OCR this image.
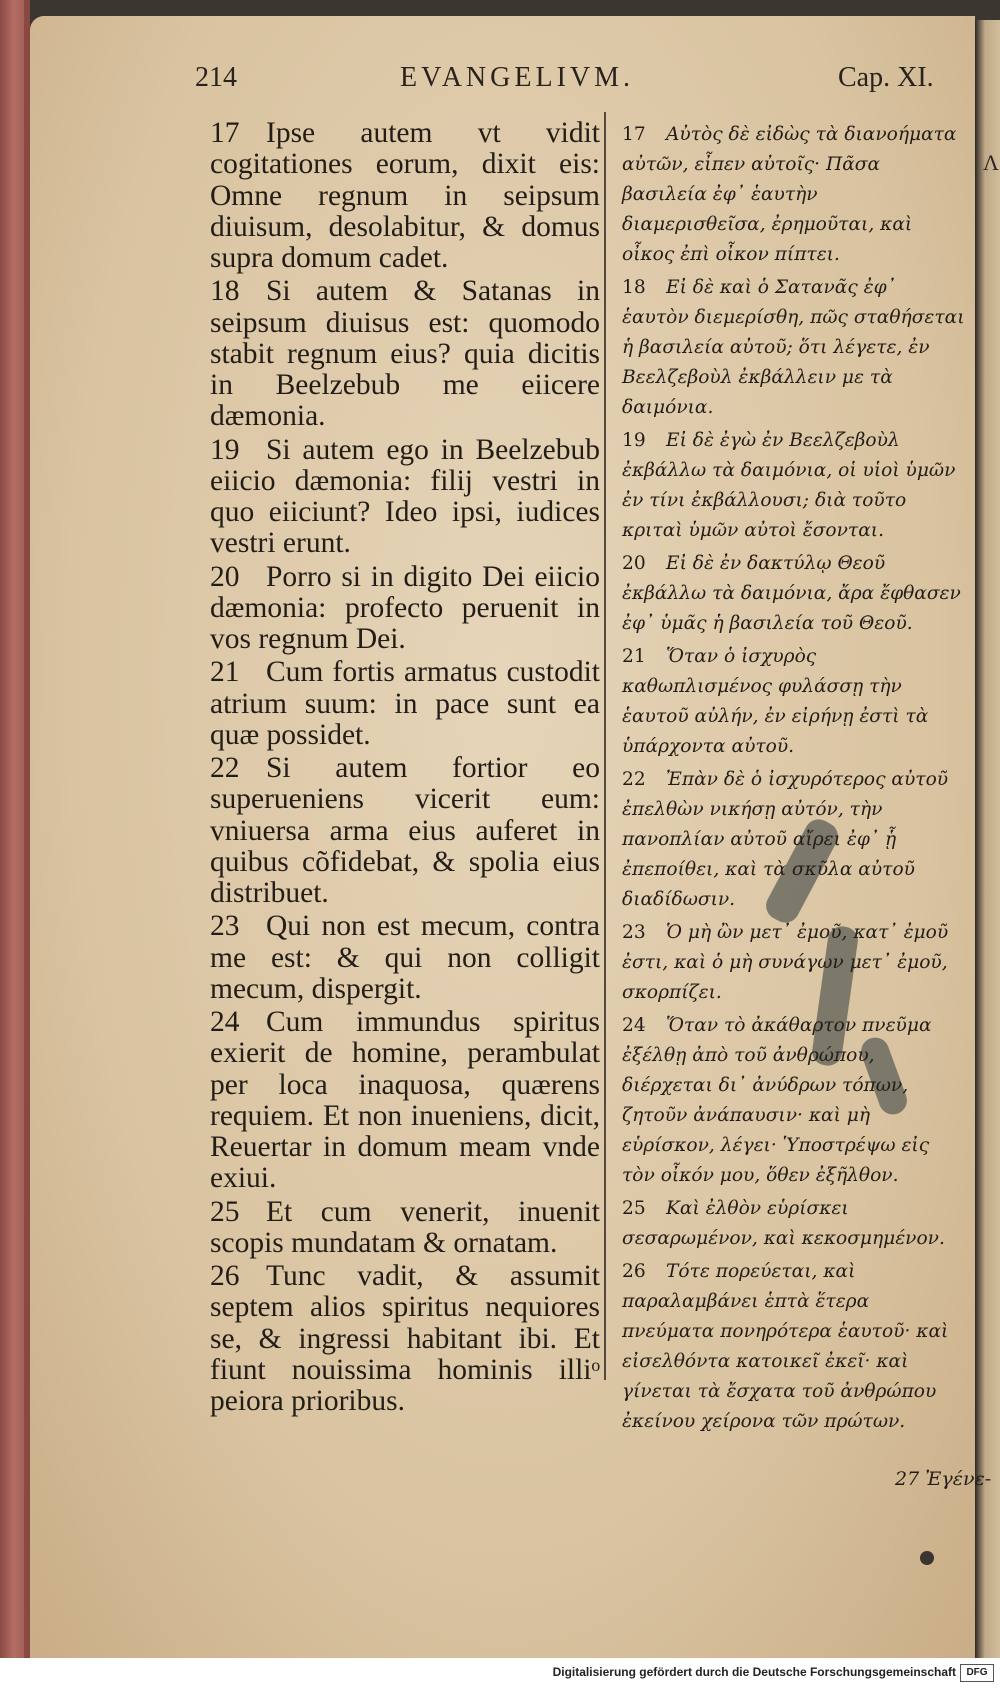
Λ
214	EVANGELIVM.	Cap. XI.
17 Ipse autem vt vidit cogitationes eorum, dixit eis: Omne regnum in seipsum diuisum, desolabitur, & domus supra domum cadet.
18 Si autem & Satanas in seipsum diuisus est: quomodo stabit regnum eius? quia dicitis in Beelzebub me eiicere dæmonia.
19 Si autem ego in Beelzebub eiicio dæmonia: filij vestri in quo eiiciunt? Ideo ipsi, iudices vestri erunt.
20 Porro si in digito Dei eiicio dæmonia: profecto peruenit in vos regnum Dei.
21 Cum fortis armatus custodit atrium suum: in pace sunt ea quæ possidet.
22 Si autem fortior eo superueniens vicerit eum: vniuersa arma eius auferet in quibus cõfidebat, & spolia eius distribuet.
23 Qui non est mecum, contra me est: & qui non colligit mecum, dispergit.
24 Cum immundus spiritus exierit de homine, perambulat per loca inaquosa, quærens requiem. Et non inueniens, dicit, Reuertar in domum meam vnde exiui.
25 Et cum venerit, inuenit scopis mundatam & ornatam.
26 Tunc vadit, & assumit septem alios spiritus nequiores se, & ingressi habitant ibi. Et fiunt nouissima hominis illiᵒ peiora prioribus.
17 Αὐτὸς δὲ εἰδὼς τὰ διανοήματα αὐτῶν, εἶπεν αὐτοῖς· Πᾶσα βασιλεία ἐφ᾽ ἑαυτὴν διαμερισθεῖσα, ἐρημοῦται, καὶ οἶκος ἐπὶ οἶκον πίπτει.
18 Εἰ δὲ καὶ ὁ Σατανᾶς ἐφ᾽ ἑαυτὸν διεμερίσθη, πῶς σταθήσεται ἡ βασιλεία αὐτοῦ; ὅτι λέγετε, ἐν Βεελζεβοὺλ ἐκβάλλειν με τὰ δαιμόνια.
19 Εἰ δὲ ἐγὼ ἐν Βεελζεβοὺλ ἐκβάλλω τὰ δαιμόνια, οἱ υἱοὶ ὑμῶν ἐν τίνι ἐκβάλλουσι; διὰ τοῦτο κριταὶ ὑμῶν αὐτοὶ ἔσονται.
20 Εἰ δὲ ἐν δακτύλῳ Θεοῦ ἐκβάλλω τὰ δαιμόνια, ἄρα ἔφθασεν ἐφ᾽ ὑμᾶς ἡ βασιλεία τοῦ Θεοῦ.
21 Ὅταν ὁ ἰσχυρὸς καθωπλισμένος φυλάσσῃ τὴν ἑαυτοῦ αὐλήν, ἐν εἰρήνῃ ἐστὶ τὰ ὑπάρχοντα αὐτοῦ.
22 Ἐπὰν δὲ ὁ ἰσχυρότερος αὐτοῦ ἐπελθὼν νικήσῃ αὐτόν, τὴν πανοπλίαν αὐτοῦ αἴρει ἐφ᾽ ᾗ ἐπεποίθει, καὶ τὰ σκῦλα αὐτοῦ διαδίδωσιν.
23 Ὁ μὴ ὢν μετ᾽ ἐμοῦ, κατ᾽ ἐμοῦ ἐστι, καὶ ὁ μὴ συνάγων μετ᾽ ἐμοῦ, σκορπίζει.
24 Ὅταν τὸ ἀκάθαρτον πνεῦμα ἐξέλθῃ ἀπὸ τοῦ ἀνθρώπου, διέρχεται δι᾽ ἀνύδρων τόπων, ζητοῦν ἀνάπαυσιν· καὶ μὴ εὑρίσκον, λέγει· Ὑποστρέψω εἰς τὸν οἶκόν μου, ὅθεν ἐξῆλθον.
25 Καὶ ἐλθὸν εὑρίσκει σεσαρωμένον, καὶ κεκοσμημένον.
26 Τότε πορεύεται, καὶ παραλαμβάνει ἑπτὰ ἕτερα πνεύματα πονηρότερα ἑαυτοῦ· καὶ εἰσελθόντα κατοικεῖ ἐκεῖ· καὶ γίνεται τὰ ἔσχατα τοῦ ἀνθρώπου ἐκείνου χείρονα τῶν πρώτων.
27 Ἐγένε-
Digitalisierung gefördert durch die Deutsche Forschungsgemeinschaft	DFG
